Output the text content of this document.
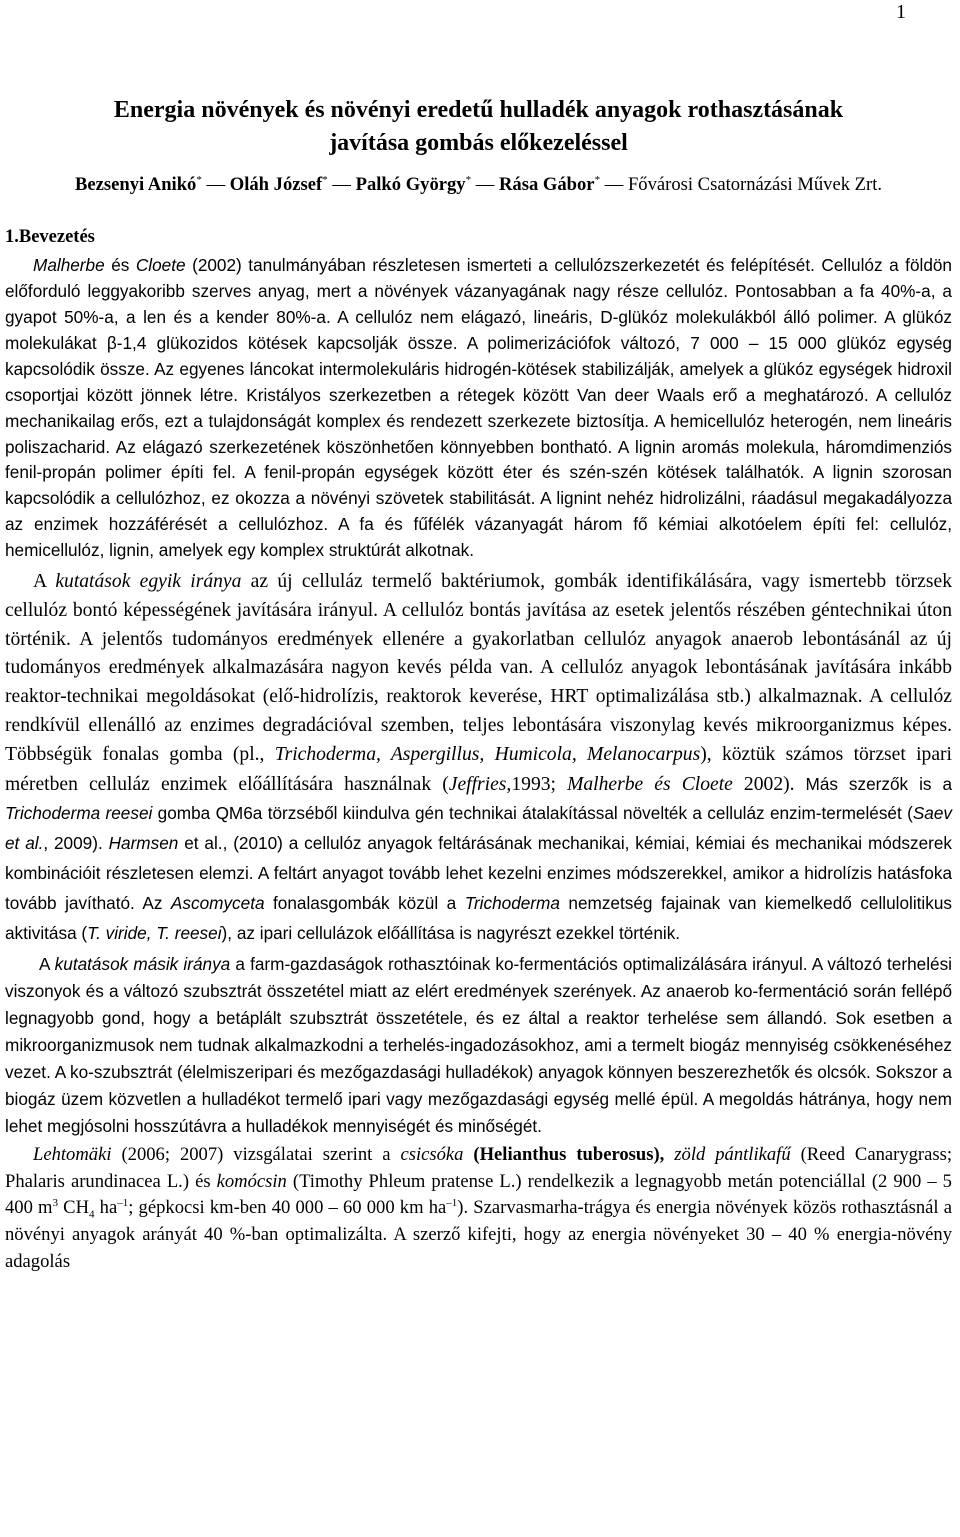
1
Energia növények és növényi eredetű hulladék anyagok rothasztásának
javítása gombás előkezeléssel
Bezsenyi Anikó* — Oláh József* — Palkó György* — Rása Gábor* — Fővárosi Csatornázási Művek Zrt.
1.Bevezetés

Malherbe és Cloete (2002) tanulmányában részletesen ismerteti a cellulózszerkezetét és felépítését. Cellulóz a földön előforduló leggyakoribb szerves anyag, mert a növények vázanyagának nagy része cellulóz. Pontosabban a fa 40%-a, a gyapot 50%-a, a len és a kender 80%-a. A cellulóz nem elágazó, lineáris, D-glükóz molekulákból álló polimer. A glükóz molekulákat β-1,4 glükozidos kötések kapcsolják össze. A polimerizációfok változó, 7 000 – 15 000 glükóz egység kapcsolódik össze. Az egyenes láncokat intermolekuláris hidrogén-kötések stabilizálják, amelyek a glükóz egységek hidroxil csoportjai között jönnek létre. Kristályos szerkezetben a rétegek között Van deer Waals erő a meghatározó. A cellulóz mechanikailag erős, ezt a tulajdonságát komplex és rendezett szerkezete biztosítja. A hemicellulóz heterogén, nem lineáris poliszacharid. Az elágazó szerkezetének köszönhetően könnyebben bontható. A lignin aromás molekula, háromdimenziós fenil-propán polimer építi fel. A fenil-propán egységek között éter és szén-szén kötések találhatók. A lignin szorosan kapcsolódik a cellulózhoz, ez okozza a növényi szövetek stabilitását. A lignint nehéz hidrolizálni, ráadásul megakadályozza az enzimek hozzáférését a cellulózhoz. A fa és fűfélék vázanyagát három fő kémiai alkotóelem építi fel: cellulóz, hemicellulóz, lignin, amelyek egy komplex struktúrát alkotnak.

A kutatások egyik iránya az új celluláz termelő baktériumok, gombák identifikálására, vagy ismertebb törzsek cellulóz bontó képességének javítására irányul. A cellulóz bontás javítása az esetek jelentős részében géntechnikai úton történik. A jelentős tudományos eredmények ellenére a gyakorlatban cellulóz anyagok anaerob lebontásánál az új tudományos eredmények alkalmazására nagyon kevés példa van. A cellulóz anyagok lebontásának javítására inkább reaktor-technikai megoldásokat (elő-hidrolízis, reaktorok keverése, HRT optimalizálása stb.) alkalmaznak. A cellulóz rendkívül ellenálló az enzimes degradációval szemben, teljes lebontására viszonylag kevés mikroorganizmus képes. Többségük fonalas gomba (pl., Trichoderma, Aspergillus, Humicola, Melanocarpus), köztük számos törzset ipari méretben celluláz enzimek előállítására használnak (Jeffries,1993; Malherbe és Cloete 2002). Más szerzők is a Trichoderma reesei gomba QM6a törzséből kiindulva gén technikai átalakítással növelték a celluláz enzim-termelését (Saev et al., 2009). Harmsen et al., (2010) a cellulóz anyagok feltárásának mechanikai, kémiai, kémiai és mechanikai módszerek kombinációit részletesen elemzi. A feltárt anyagot tovább lehet kezelni enzimes módszerekkel, amikor a hidrolízis hatásfoka tovább javítható. Az Ascomyceta fonalasgombák közül a Trichoderma nemzetség fajainak van kiemelkedő cellulolitikus aktivitása (T. viride, T. reesei), az ipari cellulázok előállítása is nagyrészt ezekkel történik.

A kutatások másik iránya a farm-gazdaságok rothasztóinak ko-fermentációs optimalizálására irányul. A változó terhelési viszonyok és a változó szubsztrát összetétel miatt az elért eredmények szerények. Az anaerob ko-fermentáció során fellépő legnagyobb gond, hogy a betáplált szubsztrát összetétele, és ez által a reaktor terhelése sem állandó. Sok esetben a mikroorganizmusok nem tudnak alkalmazkodni a terhelés-ingadozásokhoz, ami a termelt biogáz mennyiség csökkenéséhez vezet. A ko-szubsztrát (élelmiszeripari és mezőgazdasági hulladékok) anyagok könnyen beszerezhetők és olcsók. Sokszor a biogáz üzem közvetlen a hulladékot termelő ipari vagy mezőgazdasági egység mellé épül. A megoldás hátránya, hogy nem lehet megjósolni hosszútávra a hulladékok mennyiségét és minőségét.

Lehtomäki (2006; 2007) vizsgálatai szerint a csicsóka (Helianthus tuberosus), zöld pántlikafű (Reed Canarygrass; Phalaris arundinacea L.) és komócsin (Timothy Phleum pratense L.) rendelkezik a legnagyobb metán potenciállal (2 900 – 5 400 $m^3$ $CH_4$ $ha^{-1}$; gépkocsi km-ben 40 000 – 60 000 km $ha^{-1}$). Szarvasmarha-trágya és energia növények közös rothasztásnál a növényi anyagok arányát 40 %-ban optimalizálta. A szerző kifejti, hogy az energia növényeket 30 – 40 % energia-növény adagolás
